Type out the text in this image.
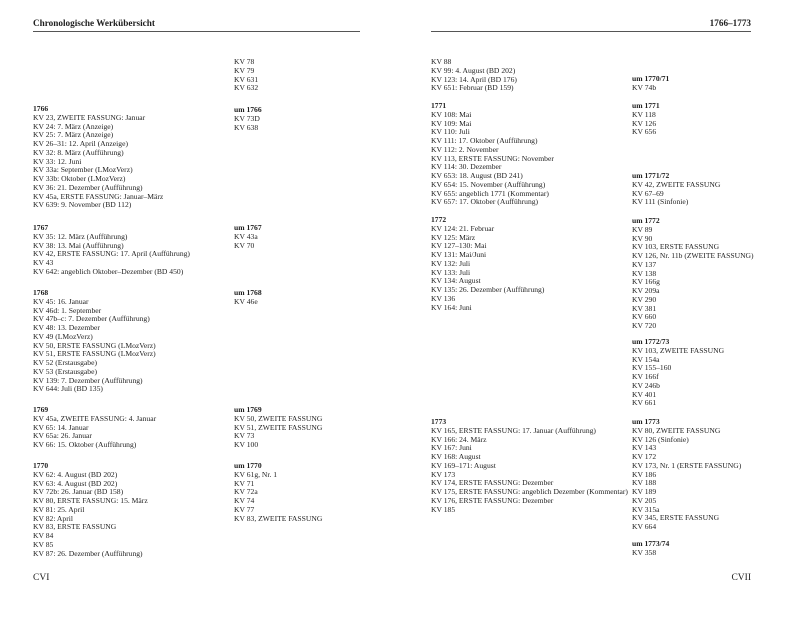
Chronologische Werkübersicht
1766
KV 23, ZWEITE FASSUNG: Januar
KV 24: 7. März (Anzeige)
KV 25: 7. März (Anzeige)
KV 26–31: 12. April (Anzeige)
KV 32: 8. März (Aufführung)
KV 33: 12. Juni
KV 33a: September (LMozVerz)
KV 33b: Oktober (LMozVerz)
KV 36: 21. Dezember (Aufführung)
KV 45a, ERSTE FASSUNG: Januar–März
KV 639: 9. November (BD 112)
1767
KV 35: 12. März (Aufführung)
KV 38: 13. Mai (Aufführung)
KV 42, ERSTE FASSUNG: 17. April (Aufführung)
KV 43
KV 642: angeblich Oktober–Dezember (BD 450)
1768
KV 45: 16. Januar
KV 46d: 1. September
KV 47b–c: 7. Dezember (Aufführung)
KV 48: 13. Dezember
KV 49 (LMozVerz)
KV 50, ERSTE FASSUNG (LMozVerz)
KV 51, ERSTE FASSUNG (LMozVerz)
KV 52 (Erstausgabe)
KV 53 (Erstausgabe)
KV 139: 7. Dezember (Aufführung)
KV 644: Juli (BD 135)
1769
KV 45a, ZWEITE FASSUNG: 4. Januar
KV 65: 14. Januar
KV 65a: 26. Januar
KV 66: 15. Oktober (Aufführung)
1770
KV 62: 4. August (BD 202)
KV 63: 4. August (BD 202)
KV 72b: 26. Januar (BD 158)
KV 80, ERSTE FASSUNG: 15. März
KV 81: 25. April
KV 82: April
KV 83, ERSTE FASSUNG
KV 84
KV 85
KV 87: 26. Dezember (Aufführung)
KV 78
KV 79
KV 631
KV 632
um 1766
KV 73D
KV 638
um 1767
KV 43a
KV 70
um 1768
KV 46e
um 1769
KV 50, ZWEITE FASSUNG
KV 51, ZWEITE FASSUNG
KV 73
KV 100
um 1770
KV 61g, Nr. 1
KV 71
KV 72a
KV 74
KV 77
KV 83, ZWEITE FASSUNG
CVI
1766–1773
KV 88
KV 99: 4. August (BD 202)
KV 123: 14. April (BD 176)
KV 651: Februar (BD 159)
1771
KV 108: Mai
KV 109: Mai
KV 110: Juli
KV 111: 17. Oktober (Aufführung)
KV 112: 2. November
KV 113, ERSTE FASSUNG: November
KV 114: 30. Dezember
KV 653: 18. August (BD 241)
KV 654: 15. November (Aufführung)
KV 655: angeblich 1771 (Kommentar)
KV 657: 17. Oktober (Aufführung)
1772
KV 124: 21. Februar
KV 125: März
KV 127–130: Mai
KV 131: Mai/Juni
KV 132: Juli
KV 133: Juli
KV 134: August
KV 135: 26. Dezember (Aufführung)
KV 136
KV 164: Juni
1773
KV 165, ERSTE FASSUNG: 17. Januar (Aufführung)
KV 166: 24. März
KV 167: Juni
KV 168: August
KV 169–171: August
KV 173
KV 174, ERSTE FASSUNG: Dezember
KV 175, ERSTE FASSUNG: angeblich Dezember (Kommentar)
KV 176, ERSTE FASSUNG: Dezember
KV 185
um 1770/71
KV 74b
um 1771
KV 118
KV 126
KV 656
um 1771/72
KV 42, ZWEITE FASSUNG
KV 67–69
KV 111 (Sinfonie)
um 1772
KV 89
KV 90
KV 103, ERSTE FASSUNG
KV 126, Nr. 11b (ZWEITE FASSUNG)
KV 137
KV 138
KV 166g
KV 209a
KV 290
KV 381
KV 660
KV 720
um 1772/73
KV 103, ZWEITE FASSUNG
KV 154a
KV 155–160
KV 166f
KV 246b
KV 401
KV 661
um 1773
KV 80, ZWEITE FASSUNG
KV 126 (Sinfonie)
KV 143
KV 172
KV 173, Nr. 1 (ERSTE FASSUNG)
KV 186
KV 188
KV 189
KV 205
KV 315a
KV 345, ERSTE FASSUNG
KV 664
um 1773/74
KV 358
CVII
